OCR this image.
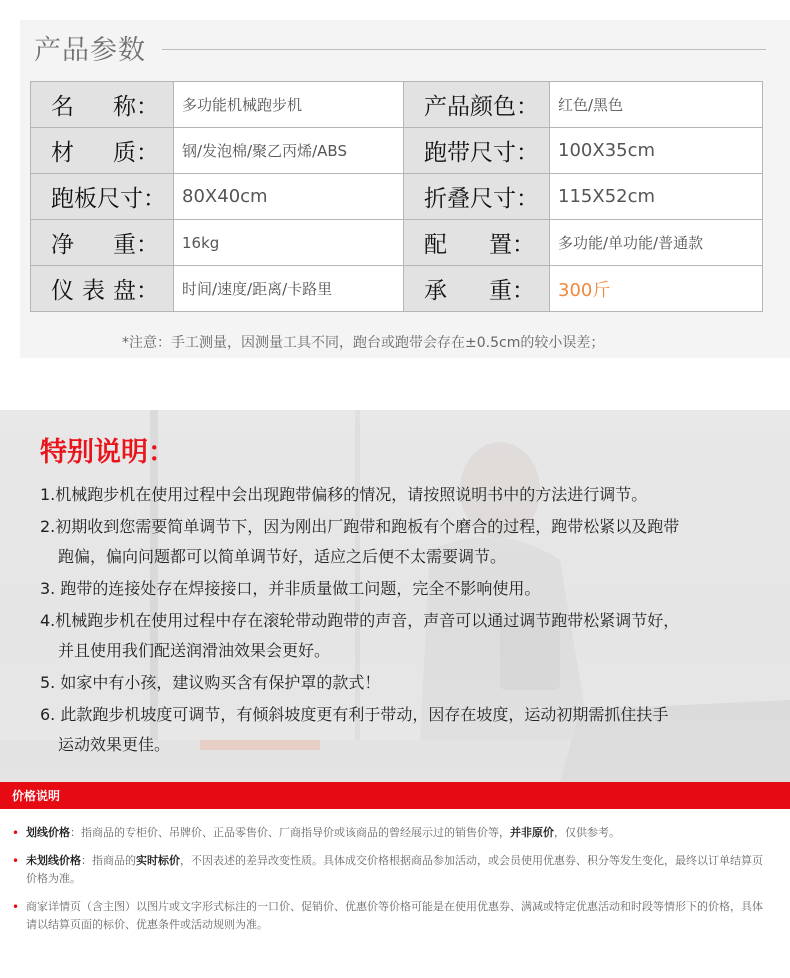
产品参数
名 称：	多功能机械跑步机	产品颜色：	红色/黑色

材 质：	钢/发泡棉/聚乙丙烯/ABS	跑带尺寸：	100X35cm
跑板尺寸：	80X40cm	折叠尺寸：	115X52cm

净 重：	16kg	配 置：	多功能/单功能/普通款

仪 表 盘：	时间/速度/距离/卡路里	承 重：	300斤
*注意：手工测量，因测量工具不同，跑台或跑带会存在±0.5cm的较小误差；
特别说明：
1.机械跑步机在使用过程中会出现跑带偏移的情况，请按照说明书中的方法进行调节。
2.初期收到您需要简单调节下，因为刚出厂跑带和跑板有个磨合的过程，跑带松紧以及跑带
跑偏，偏向问题都可以简单调节好，适应之后便不太需要调节。
3. 跑带的连接处存在焊接接口，并非质量做工问题，完全不影响使用。
4.机械跑步机在使用过程中存在滚轮带动跑带的声音，声音可以通过调节跑带松紧调节好，
并且使用我们配送润滑油效果会更好。
5. 如家中有小孩，建议购买含有保护罩的款式！
6. 此款跑步机坡度可调节，有倾斜坡度更有利于带动，因存在坡度，运动初期需抓住扶手
运动效果更佳。
价格说明
• 划线价格：指商品的专柜价、吊牌价、正品零售价、厂商指导价或该商品的曾经展示过的销售价等，并非原价，仅供参考。
• 未划线价格：指商品的实时标价，不因表述的差异改变性质。具体成交价格根据商品参加活动，或会员使用优惠券、积分等发生变化，最终以订单结算页价格为准。
• 商家详情页（含主图）以图片或文字形式标注的一口价、促销价、优惠价等价格可能是在使用优惠券、满减或特定优惠活动和时段等情形下的价格，具体请以结算页面的标价、优惠条件或活动规则为准。
